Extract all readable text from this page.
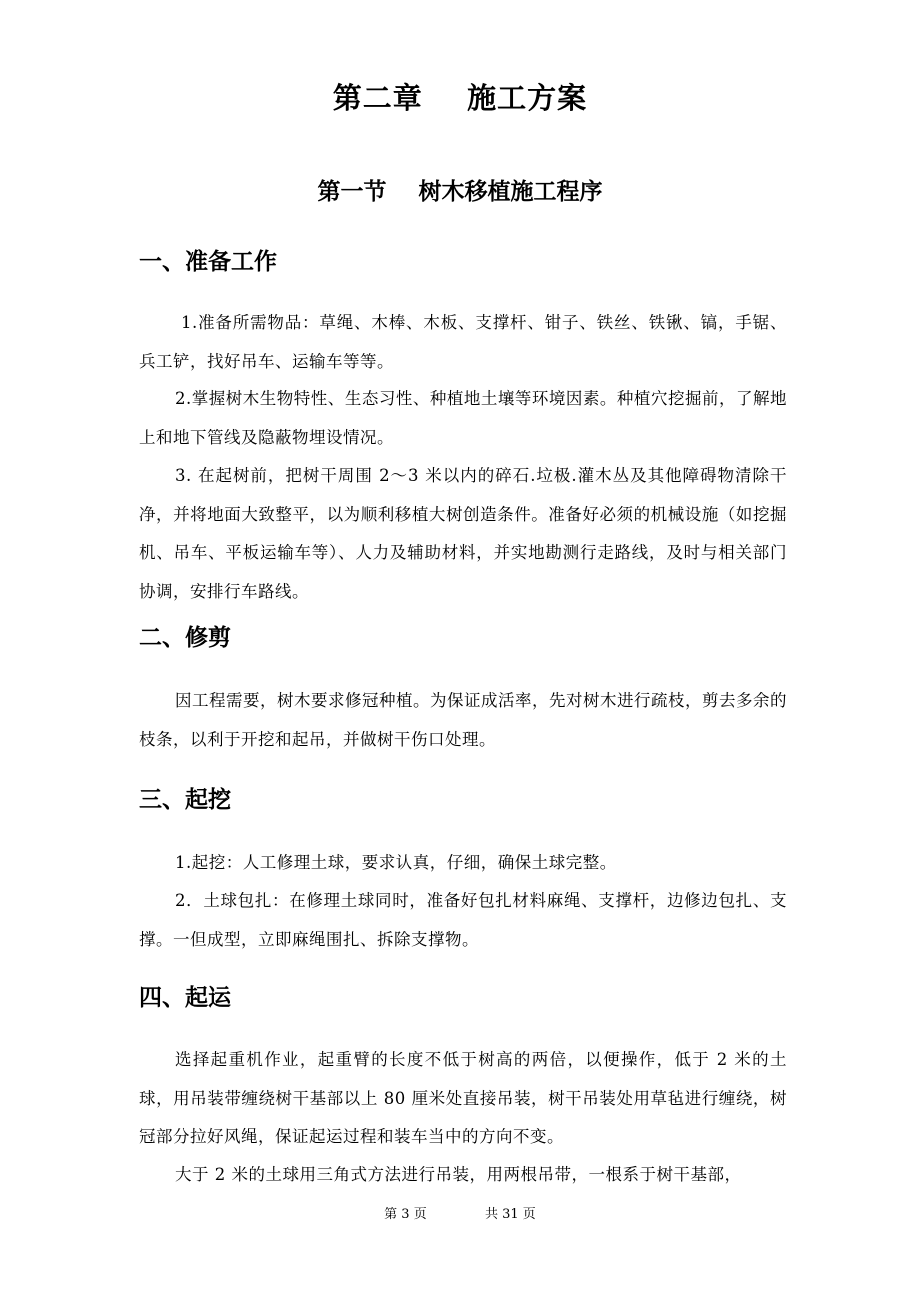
第二章    施工方案
第一节    树木移植施工程序
一、准备工作

1.准备所需物品：草绳、木棒、木板、支撑杆、钳子、铁丝、铁锹、镐，手锯、兵工铲，找好吊车、运输车等等。

2.掌握树木生物特性、生态习性、种植地土壤等环境因素。种植穴挖掘前，了解地上和地下管线及隐蔽物埋设情况。

3. 在起树前，把树干周围 2～3 米以内的碎石.垃极.灌木丛及其他障碍物清除干净，并将地面大致整平，以为顺利移植大树创造条件。准备好必须的机械设施（如挖掘机、吊车、平板运输车等）、人力及辅助材料，并实地勘测行走路线，及时与相关部门协调，安排行车路线。

二、修剪

因工程需要，树木要求修冠种植。为保证成活率，先对树木进行疏枝，剪去多余的枝条，以利于开挖和起吊，并做树干伤口处理。

三、起挖

1.起挖：人工修理土球，要求认真，仔细，确保土球完整。

2．土球包扎：在修理土球同时，准备好包扎材料麻绳、支撑杆，边修边包扎、支撑。一但成型，立即麻绳围扎、拆除支撑物。

四、起运

选择起重机作业，起重臂的长度不低于树高的两倍，以便操作，低于 2 米的土球，用吊装带缠绕树干基部以上 80 厘米处直接吊装，树干吊装处用草毡进行缠绕，树冠部分拉好风绳，保证起运过程和装车当中的方向不变。

大于 2 米的土球用三角式方法进行吊装，用两根吊带，一根系于树干基部，

第 3 页	共 31 页
